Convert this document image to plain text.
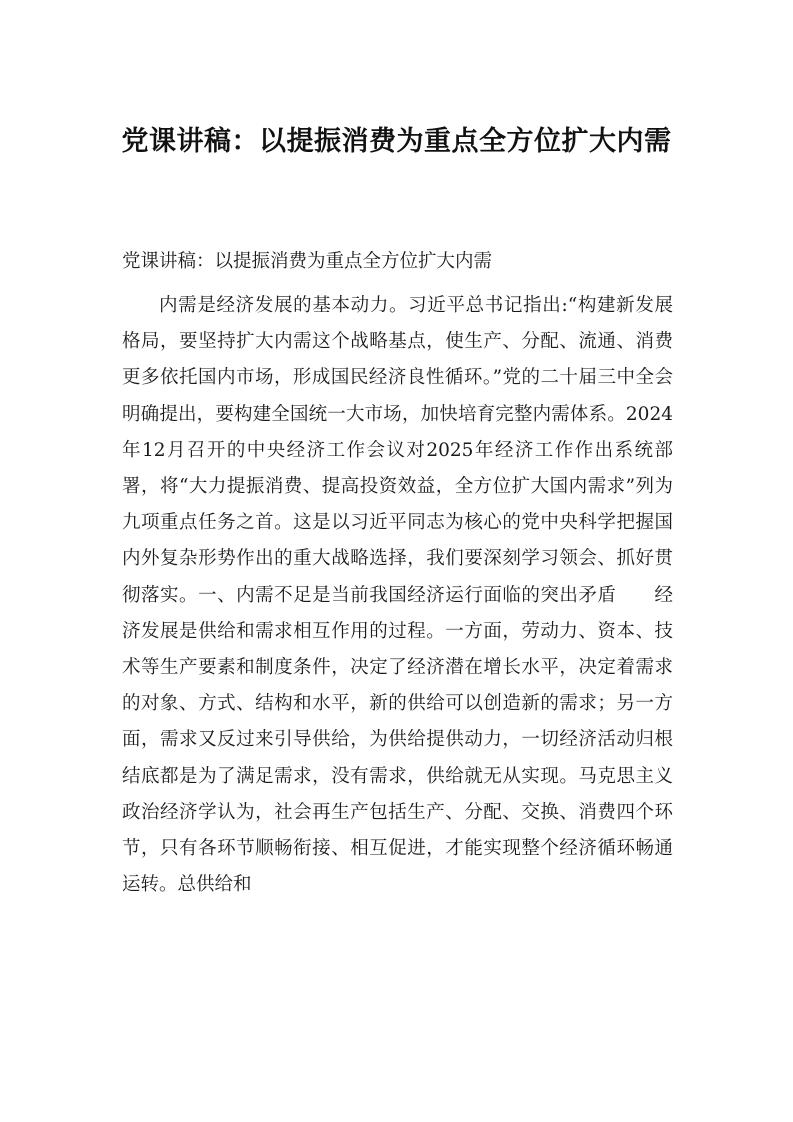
党课讲稿：以提振消费为重点全方位扩大内需
党课讲稿：以提振消费为重点全方位扩大内需

内需是经济发展的基本动力。习近平总书记指出:“构建新发展格局，要坚持扩大内需这个战略基点，使生产、分配、流通、消费更多依托国内市场，形成国民经济良性循环。”党的二十届三中全会明确提出，要构建全国统一大市场，加快培育完整内需体系。2024年12月召开的中央经济工作会议对2025年经济工作作出系统部署，将“大力提振消费、提高投资效益，全方位扩大国内需求”列为九项重点任务之首。这是以习近平同志为核心的党中央科学把握国内外复杂形势作出的重大战略选择，我们要深刻学习领会、抓好贯彻落实。一、内需不足是当前我国经济运行面临的突出矛盾　　经济发展是供给和需求相互作用的过程。一方面，劳动力、资本、技术等生产要素和制度条件，决定了经济潜在增长水平，决定着需求的对象、方式、结构和水平，新的供给可以创造新的需求；另一方面，需求又反过来引导供给，为供给提供动力，一切经济活动归根结底都是为了满足需求，没有需求，供给就无从实现。马克思主义政治经济学认为，社会再生产包括生产、分配、交换、消费四个环节，只有各环节顺畅衔接、相互促进，才能实现整个经济循环畅通运转。总供给和
